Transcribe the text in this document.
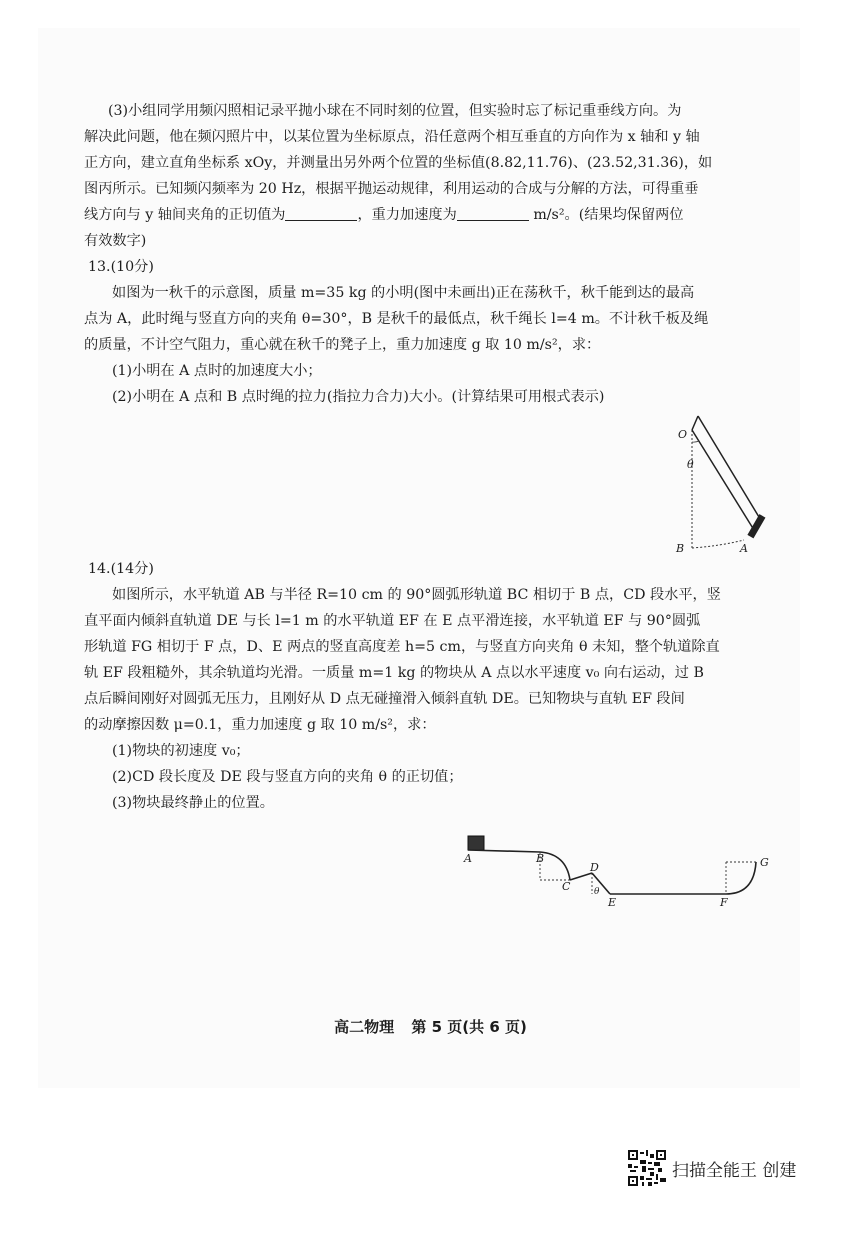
(3)小组同学用频闪照相记录平抛小球在不同时刻的位置，但实验时忘了标记重垂线方向。为
解决此问题，他在频闪照片中，以某位置为坐标原点，沿任意两个相互垂直的方向作为 x 轴和 y 轴
正方向，建立直角坐标系 xOy，并测量出另外两个位置的坐标值(8.82,11.76)、(23.52,31.36)，如
图丙所示。已知频闪频率为 20 Hz，根据平抛运动规律，利用运动的合成与分解的方法，可得重垂
线方向与 y 轴间夹角的正切值为	，重力加速度为	m/s²。(结果均保留两位
有效数字)
13.(10分)
如图为一秋千的示意图，质量 m=35 kg 的小明(图中未画出)正在荡秋千，秋千能到达的最高
点为 A，此时绳与竖直方向的夹角 θ=30°，B 是秋千的最低点，秋千绳长 l=4 m。不计秋千板及绳
的质量，不计空气阻力，重心就在秋千的凳子上，重力加速度 g 取 10 m/s²，求：
(1)小明在 A 点时的加速度大小；
(2)小明在 A 点和 B 点时绳的拉力(指拉力合力)大小。(计算结果可用根式表示)
O
θ
B	A
14.(14分)
如图所示，水平轨道 AB 与半径 R=10 cm 的 90°圆弧形轨道 BC 相切于 B 点，CD 段水平，竖
直平面内倾斜直轨道 DE 与长 l=1 m 的水平轨道 EF 在 E 点平滑连接，水平轨道 EF 与 90°圆弧
形轨道 FG 相切于 F 点，D、E 两点的竖直高度差 h=5 cm，与竖直方向夹角 θ 未知，整个轨道除直
轨 EF 段粗糙外，其余轨道均光滑。一质量 m=1 kg 的物块从 A 点以水平速度 v₀ 向右运动，过 B
点后瞬间刚好对圆弧无压力，且刚好从 D 点无碰撞滑入倾斜直轨 DE。已知物块与直轨 EF 段间
的动摩擦因数 μ=0.1，重力加速度 g 取 10 m/s²，求：
(1)物块的初速度 v₀；
(2)CD 段长度及 DE 段与竖直方向的夹角 θ 的正切值；
(3)物块最终静止的位置。
A	B
C
D
θ
E	F
G
高二物理 第 5 页(共 6 页)
扫描全能王 创建
